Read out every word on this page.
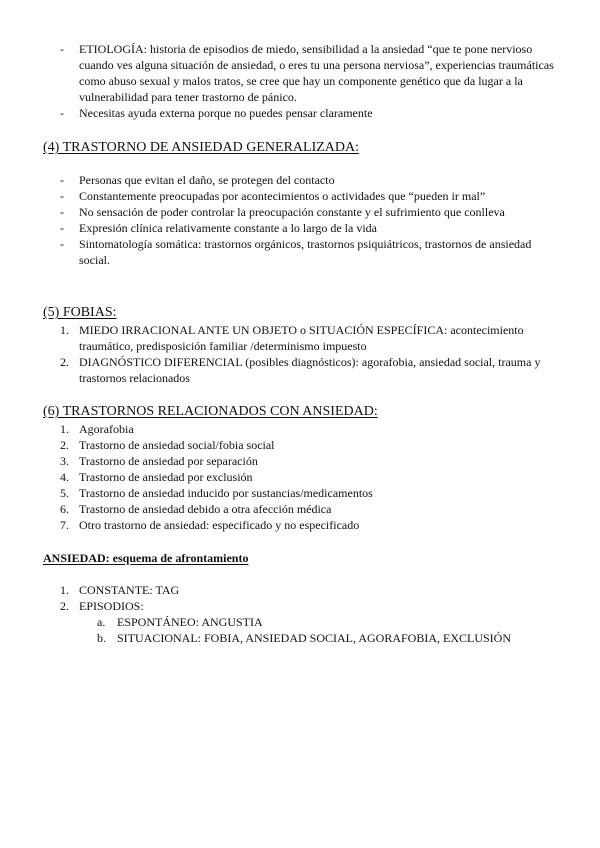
- ETIOLOGÍA: historia de episodios de miedo, sensibilidad a la ansiedad “que te pone nervioso cuando ves alguna situación de ansiedad, o eres tu una persona nerviosa”, experiencias traumáticas como abuso sexual y malos tratos, se cree que hay un componente genético que da lugar a la vulnerabilidad para tener trastorno de pánico.
- Necesitas ayuda externa porque no puedes pensar claramente
(4) TRASTORNO DE ANSIEDAD GENERALIZADA:
- Personas que evitan el daño, se protegen del contacto
- Constantemente preocupadas por acontecimientos o actividades que “pueden ir mal”
- No sensación de poder controlar la preocupación constante y el sufrimiento que conlleva
- Expresión clínica relativamente constante a lo largo de la vida
- Sintomatología somática: trastornos orgánicos, trastornos psiquiátricos, trastornos de ansiedad social.
(5) FOBIAS:
1. MIEDO IRRACIONAL ANTE UN OBJETO o SITUACIÓN ESPECÍFICA: acontecimiento traumático, predisposición familiar /determinismo impuesto
2. DIAGNÓSTICO DIFERENCIAL (posibles diagnósticos): agorafobia, ansiedad social, trauma y trastornos relacionados
(6) TRASTORNOS RELACIONADOS CON ANSIEDAD:
1. Agorafobia
2. Trastorno de ansiedad social/fobia social
3. Trastorno de ansiedad por separación
4. Trastorno de ansiedad por exclusión
5. Trastorno de ansiedad inducido por sustancias/medicamentos
6. Trastorno de ansiedad debido a otra afección médica
7. Otro trastorno de ansiedad: especificado y no especificado
ANSIEDAD: esquema de afrontamiento
1. CONSTANTE: TAG
2. EPISODIOS:
a. ESPONTÁNEO: ANGUSTIA
b. SITUACIONAL: FOBIA, ANSIEDAD SOCIAL, AGORAFOBIA, EXCLUSIÓN
